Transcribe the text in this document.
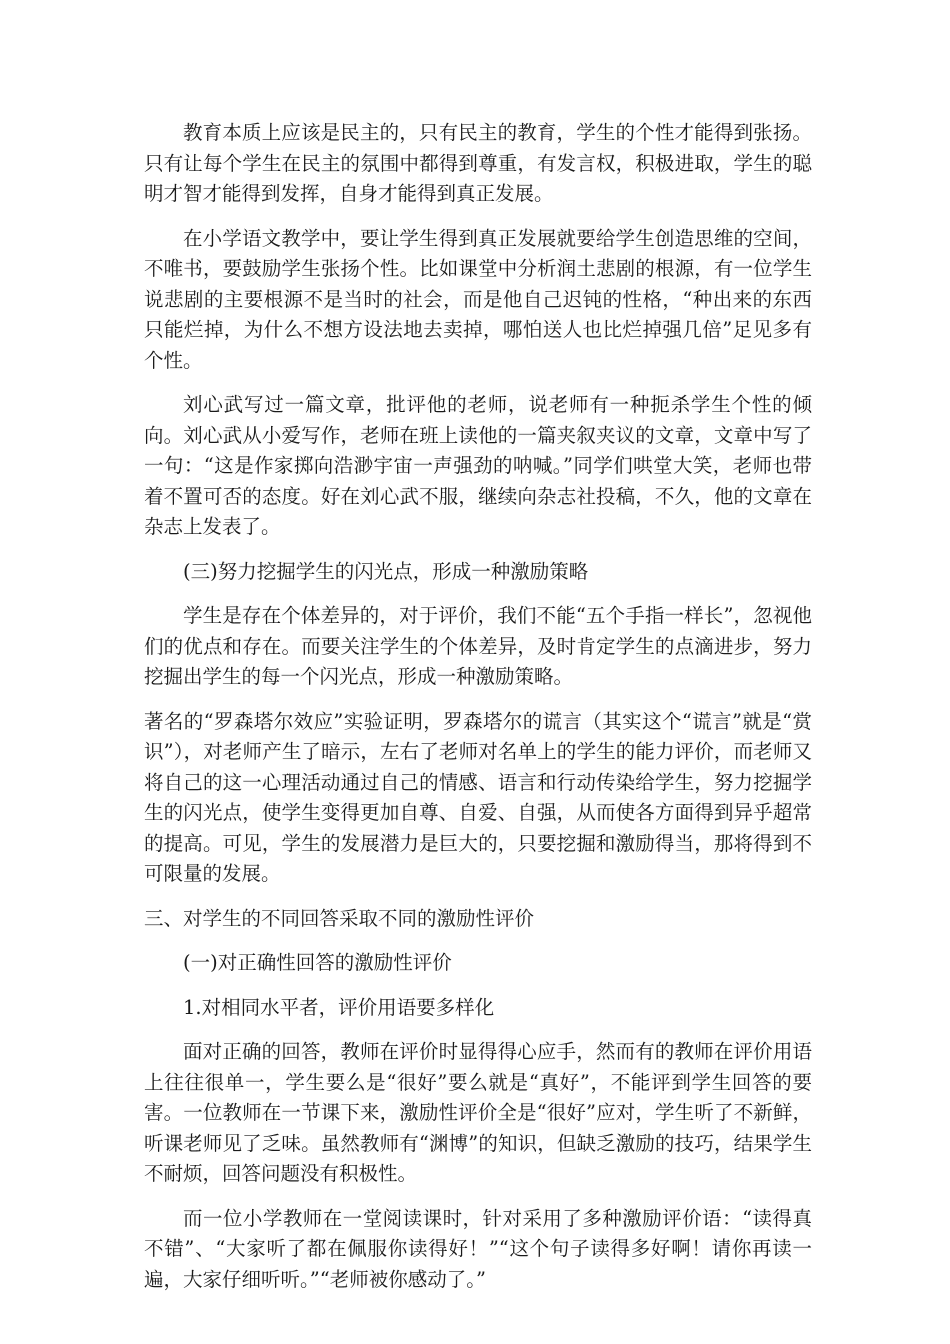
教育本质上应该是民主的，只有民主的教育，学生的个性才能得到张扬。只有让每个学生在民主的氛围中都得到尊重，有发言权，积极进取，学生的聪明才智才能得到发挥，自身才能得到真正发展。

在小学语文教学中，要让学生得到真正发展就要给学生创造思维的空间，不唯书，要鼓励学生张扬个性。比如课堂中分析润土悲剧的根源，有一位学生说悲剧的主要根源不是当时的社会，而是他自己迟钝的性格，“种出来的东西只能烂掉，为什么不想方设法地去卖掉，哪怕送人也比烂掉强几倍”足见多有个性。

刘心武写过一篇文章，批评他的老师，说老师有一种扼杀学生个性的倾向。刘心武从小爱写作，老师在班上读他的一篇夹叙夹议的文章，文章中写了一句：“这是作家掷向浩渺宇宙一声强劲的呐喊。”同学们哄堂大笑，老师也带着不置可否的态度。好在刘心武不服，继续向杂志社投稿，不久，他的文章在杂志上发表了。

(三)努力挖掘学生的闪光点，形成一种激励策略

学生是存在个体差异的，对于评价，我们不能“五个手指一样长”，忽视他们的优点和存在。而要关注学生的个体差异，及时肯定学生的点滴进步，努力挖掘出学生的每一个闪光点，形成一种激励策略。

著名的“罗森塔尔效应”实验证明，罗森塔尔的谎言（其实这个“谎言”就是“赏识”），对老师产生了暗示，左右了老师对名单上的学生的能力评价，而老师又将自己的这一心理活动通过自己的情感、语言和行动传染给学生，努力挖掘学生的闪光点，使学生变得更加自尊、自爱、自强，从而使各方面得到异乎超常的提高。可见，学生的发展潜力是巨大的，只要挖掘和激励得当，那将得到不可限量的发展。

三、对学生的不同回答采取不同的激励性评价

(一)对正确性回答的激励性评价

1.对相同水平者，评价用语要多样化

面对正确的回答，教师在评价时显得得心应手，然而有的教师在评价用语上往往很单一，学生要么是“很好”要么就是“真好”，不能评到学生回答的要害。一位教师在一节课下来，激励性评价全是“很好”应对，学生听了不新鲜，听课老师见了乏味。虽然教师有“渊博”的知识，但缺乏激励的技巧，结果学生不耐烦，回答问题没有积极性。

而一位小学教师在一堂阅读课时，针对采用了多种激励评价语：“读得真不错”、“大家听了都在佩服你读得好！”“这个句子读得多好啊！请你再读一遍，大家仔细听听。”“老师被你感动了。”
